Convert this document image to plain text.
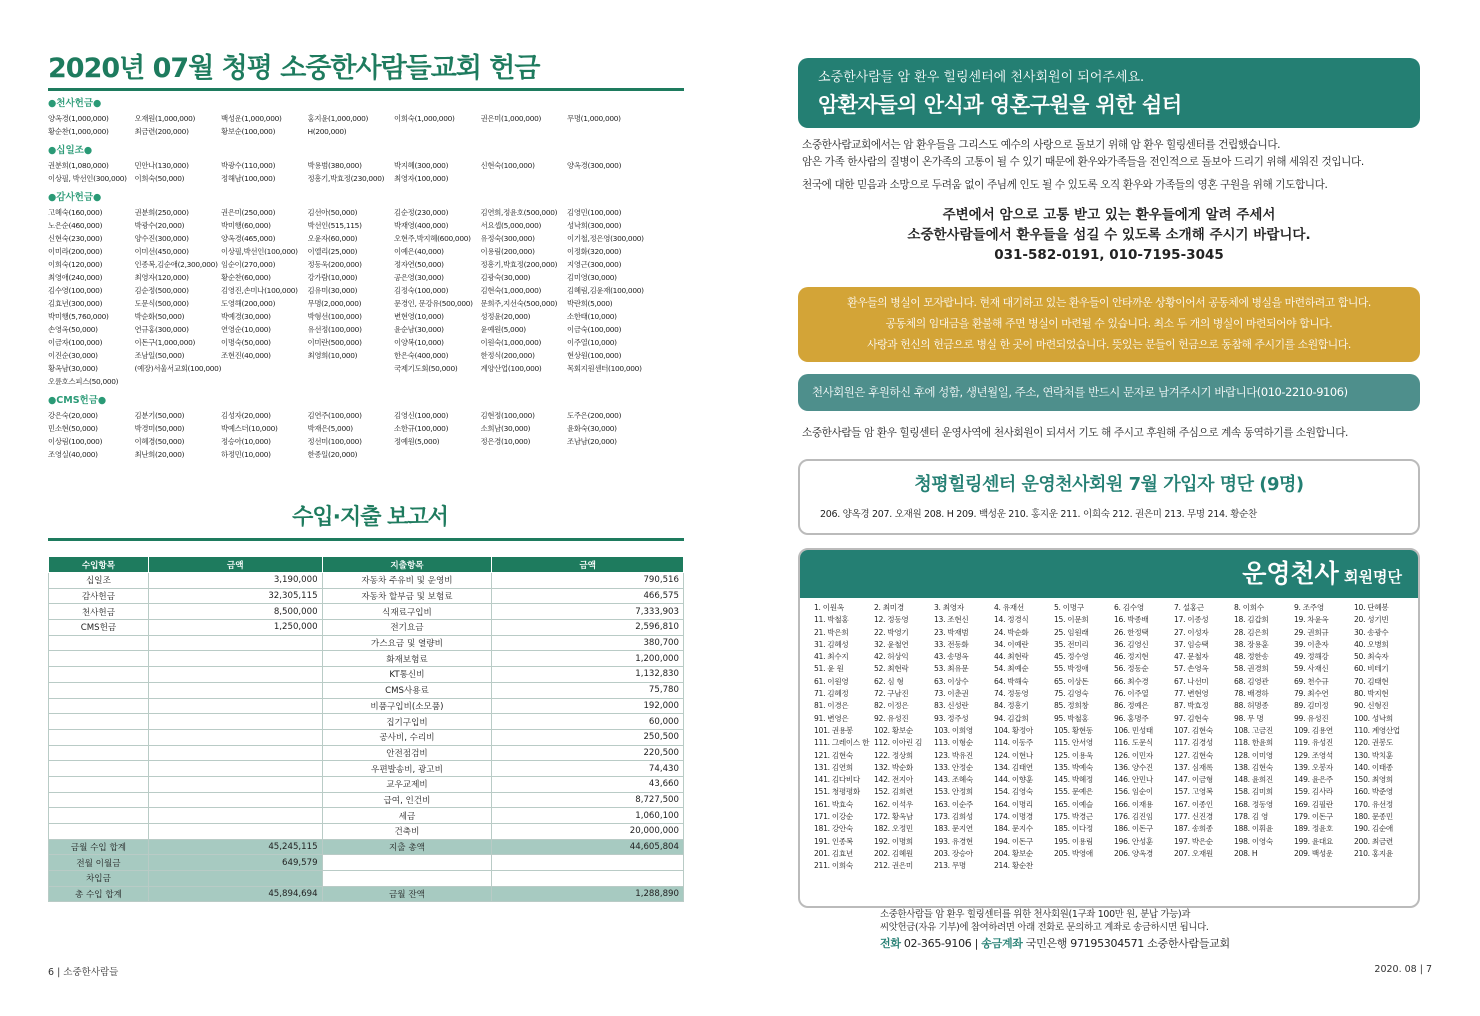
2020년 07월 청평 소중한사람들교회 헌금
●천사헌금●
양옥경(1,000,000)	오재원(1,000,000)	백성운(1,000,000)	홍지윤(1,000,000)	이희숙(1,000,000)	권은미(1,000,000)	무명(1,000,000)
황순찬(1,000,000)	최금련(200,000)	황보순(100,000)	H(200,000)
●십일조●
권분희(1,080,000)	민안나(130,000)	박광수(110,000)	박용범(380,000)	박지혜(300,000)	신현숙(100,000)	양옥경(300,000)
이상필, 박선인(300,000)	이희숙(50,000)	정해남(100,000)	정흥기,박효정(230,000)	최영자(100,000)
●감사헌금●
고혜숙(160,000)	권분희(250,000)	권은미(250,000)	김선아(50,000)	김순정(230,000)	김연희,정윤호(500,000)	김영민(100,000)
노은순(460,000)	박광수(20,000)	박미행(60,000)	박선인(515,115)	박재영(400,000)	서요셉(5,000,000)	성낙희(300,000)
신현숙(230,000)	양수진(300,000)	양옥경(465,000)	오윤자(60,000)	오현주,박지혜(600,000)	유정숙(300,000)	이기철,정은영(300,000)
이미라(200,000)	이미선(450,000)	이상필,박선인(100,000)	이엘리(25,000)	이예은(40,000)	이용림(200,000)	이정화(320,000)
이희숙(120,000)	인종복,김순애(2,300,000) 임순이(270,000)	정동욱(200,000)	정자연(50,000)	정흥기,박효정(200,000)	지영근(300,000)
최영애(240,000)	최영자(120,000)	황순찬(60,000)	강가람(10,000)	공은영(30,000)	김광숙(30,000)	김미영(30,000)
김수영(100,000)	김순정(500,000)	김영진,손미나(100,000)	김유미(30,000)	김정숙(100,000)	김현숙(1,000,000)	김혜림,김윤재(100,000)
김효년(300,000)	도문식(500,000)	도영해(200,000)	무명(2,000,000)	문경인, 문강유(500,000)	문희주,지선숙(500,000)	박란희(5,000)
박미행(5,760,000)	박순화(50,000)	박예경(30,000)	박형선(100,000)	변현영(10,000)	성정윤(20,000)	소한태(10,000)
손영옥(50,000)	연규홍(300,000)	연영순(10,000)	유선정(100,000)	윤순남(30,000)	윤예원(5,000)	이금숙(100,000)
이금자(100,000)	이돈구(1,000,000)	이명숙(50,000)	이미란(500,000)	이양복(10,000)	이원숙(1,000,000)	이주열(10,000)
이진순(30,000)	조남일(50,000)	조현진(40,000)	최영희(10,000)	한은숙(400,000)	한정식(200,000)	현상원(100,000)
황옥남(30,000)	(예장)서울서교회(100,000)	국제기도회(50,000)	계양산업(100,000)	목회지원센터(100,000)
오륜호스피스(50,000)
●CMS헌금●
강은숙(20,000)	김분기(50,000)	김성자(20,000)	김연주(100,000)	김영신(100,000)	김현정(100,000)	도주은(200,000)
민소현(50,000)	박경미(50,000)	박예스더(10,000)	박재은(5,000)	소한규(100,000)	소희남(30,000)	윤화숙(30,000)
이상림(100,000)	이혜경(50,000)	정승아(10,000)	정선미(100,000)	정예원(5,000)	정은경(10,000)	조남남(20,000)
조영실(40,000)	최난희(20,000)	하정민(10,000)	한종일(20,000)
수입·지출 보고서
수입항목	금액	지출항목	금액
십일조	3,190,000	자동차 주유비 및 운영비	790,516
감사헌금	32,305,115	자동차 할부금 및 보험료	466,575
천사헌금	8,500,000	식재료구입비	7,333,903
CMS헌금	1,250,000	전기요금	2,596,810
		가스요금 및 열량비	380,700
		화재보험료	1,200,000
		KT통신비	1,132,830
		CMS사용료	75,780
		비품구입비(소모품)	192,000
		집기구입비	60,000
		공사비, 수리비	250,500
		안전점검비	220,500
		우편발송비, 광고비	74,430
		교우교제비	43,660
		급여, 인건비	8,727,500
		세금	1,060,100
		건축비	20,000,000
금월 수입 합계	45,245,115	지출 총액	44,605,804
전월 이월금	649,579		
차입금			
총 수입 합계	45,894,694	금월 잔액	1,288,890
6 | 소중한사람들
소중한사람들 암 환우 힐링센터에 천사회원이 되어주세요.
암환자들의 안식과 영혼구원을 위한 쉼터

소중한사람교회에서는 암 환우들을 그리스도 예수의 사랑으로 돌보기 위해 암 환우 힐링센터를 건립했습니다.

암은 가족 한사람의 질병이 온가족의 고통이 될 수 있기 때문에 환우와가족들을 전인적으로 돌보아 드리기 위해 세워진 것입니다.

천국에 대한 믿음과 소망으로 두려움 없이 주님께 인도 될 수 있도록 오직 환우와 가족들의 영혼 구원을 위해 기도합니다.

주변에서 암으로 고통 받고 있는 환우들에게 알려 주세서

소중한사람들에서 환우들을 섬길 수 있도록 소개해 주시기 바랍니다.

031-582-0191, 010-7195-3045

환우들의 병실이 모자랍니다. 현재 대기하고 있는 환우들이 안타까운 상황이어서 공동체에 병실을 마련하려고 합니다.

공동체의 임대금을 환불해 주면 병실이 마련될 수 있습니다. 최소 두 개의 병실이 마련되어야 합니다.

사랑과 헌신의 헌금으로 병실 한 곳이 마련되었습니다. 뜻있는 분들이 헌금으로 동참해 주시기를 소원합니다.

천사회원은 후원하신 후에 성함, 생년월일, 주소, 연락처를 반드시 문자로 남겨주시기 바랍니다(010-2210-9106)
소중한사람들 암 환우 힐링센터 운영사역에 천사회원이 되셔서 기도 해 주시고 후원해 주심으로 계속 동역하기를 소원합니다.
청평힐링센터 운영천사회원 7월 가입자 명단 (9명)
206. 양옥경 207. 오재원 208. H 209. 백성운 210. 홍지운 211. 이희숙 212. 권은미 213. 무명 214. 황순찬
운영천사 회원명단
1. 이원옥	2. 최미경	3. 최영자	4. 유재선	5. 이명구	6. 김수영	7. 설홍근	8. 이희수	9. 조주영	10. 단혜봉
11. 박철홍	12. 정동영	13. 조현신	14. 정경식	15. 이문희	16. 박종배	17. 이종성	18. 김갑희	19. 차윤옥	20. 성기빈
21. 박은희	22. 박영기	23. 박재범	24. 박순화	25. 임원래	26. 한정택	27. 이성자	28. 김은희	29. 권희규	30. 송광수
31. 김혜성	32. 윤철연	33. 전동화	34. 이예란	35. 전미리	36. 김영신	37. 임승택	38. 장용훈	39. 이춘자	40. 오병희
41. 최수지	42. 허상익	43. 송명옥	44. 최현락	45. 정수영	46. 정지현	47. 문철자	48. 정한송	49. 정해강	50. 최숙자
51. 윤 원	52. 최현락	53. 최유문	54. 최예순	55. 박정애	56. 정동순	57. 손영옥	58. 권경희	59. 사재신	60. 비테기
61. 이원영	62. 심 형	63. 이상수	64. 박해숙	65. 이상돈	66. 최수경	67. 나선미	68. 김영관	69. 천수규	70. 김태현
71. 김혜정	72. 구남진	73. 이춘권	74. 정동영	75. 김영숙	76. 이주열	77. 변현영	78. 배경하	79. 최수연	80. 박지현
81. 이경은	82. 이정은	83. 신성란	84. 정흥기	85. 정희창	86. 정예은	87. 박효정	88. 허명종	89. 김미정	90. 신형진
91. 변영은	92. 유성진	93. 정주성	94. 김갑희	95. 박철홍	96. 홍명주	97. 김현숙	98. 무 명	99. 유성진	100. 성낙희
101. 권용봉	102. 황보순	103. 이희영	104. 황정아	105. 황현동	106. 민성태	107. 김현숙	108. 고금진	109. 김용연	110. 계영산업
111. 그레이스 한 112. 이아린 김	113. 이형순	114. 이동주	115. 안서영	116. 도문식	117. 김경성	118. 한윤희	119. 유성진	120. 권봉도
121. 김현숙	122. 정상희	123. 박유진	124. 이현나	125. 이용욱	126. 이민자	127. 김현숙	128. 이미영	129. 조영석	130. 박치훈
131. 김연희	132. 박순화	133. 안정순	134. 김태연	135. 박예숙	136. 양수진	137. 심재록	138. 김현숙	139. 오봉자	140. 이태종
141. 김다비다	142. 전지아	143. 조혜숙	144. 이향훈	145. 박혜정	146. 안민나	147. 이금형	148. 윤희진	149. 윤은주	150. 최영희
151. 청평평화	152. 김희련	153. 안정희	154. 김영숙	155. 문예은	156. 임순이	157. 고영복	158. 김미희	159. 김사라	160. 박준영
161. 박효숙	162. 이석우	163. 이순주	164. 이명리	165. 이예슬	166. 이재용	167. 이종인	168. 정동영	169. 김필란	170. 유선정
171. 이강순	172. 황옥남	173. 김희성	174. 이명경	175. 박경근	176. 김진임	177. 신진경	178. 김 영	179. 이돈구	180. 문종민
181. 강안숙	182. 오정민	183. 문지연	184. 문지수	185. 이다정	186. 이돈구	187. 송희종	188. 이휘윤	189. 정윤호	190. 김순애
191. 인종복	192. 이명희	193. 유경현	194. 이돈구	195. 이용림	196. 안성훈	197. 박은순	198. 이영숙	199. 윤대요	200. 최금련
201. 김효년	202. 김혜원	203. 장승아	204. 황보순	205. 박영애	206. 양옥경	207. 오재원	208. H	209. 백성운	210. 홍지윤
211. 이희숙	212. 권은미	213. 무명	214. 황순찬

소중한사람들 암 환우 힐링센터를 위한 천사회원(1구좌 100만 원, 분납 가능)과

씨앗헌금(자유 기부)에 참여하려면 아래 전화로 문의하고 계좌로 송금하시면 됩니다.

전화 02-365-9106 | 송금계좌 국민은행 97195304571 소중한사람들교회

2020. 08 | 7
